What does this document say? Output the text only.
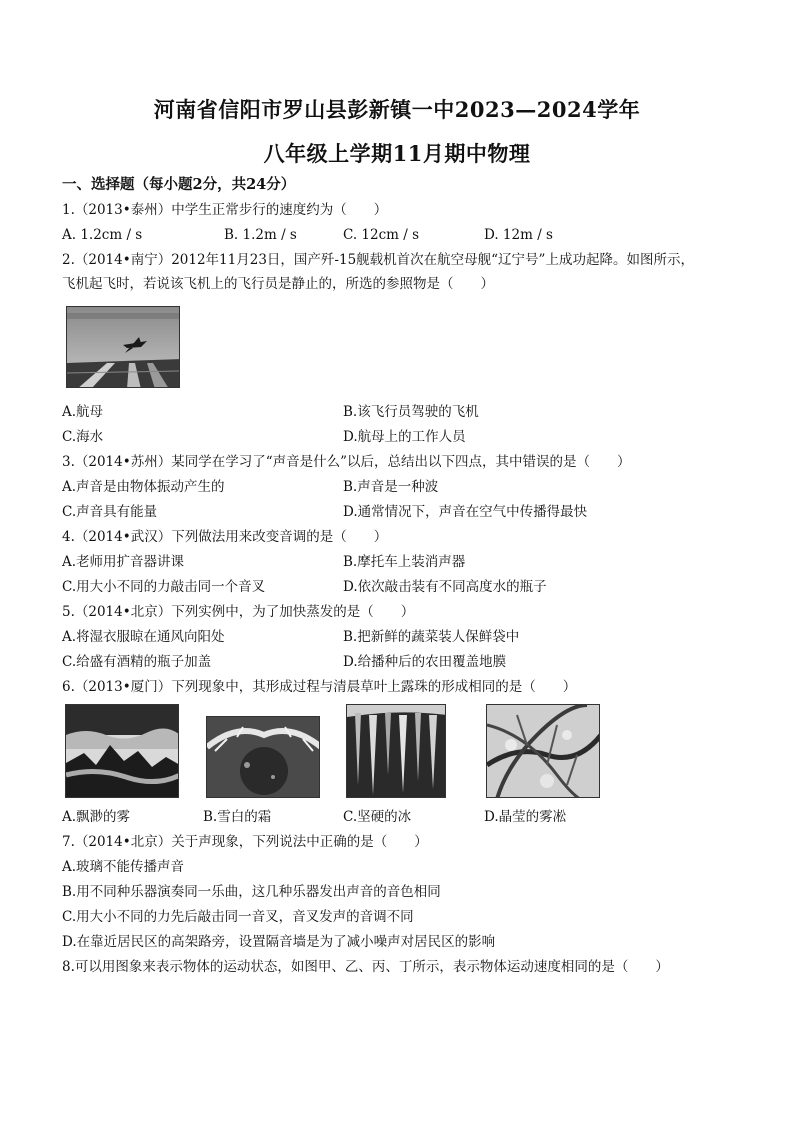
河南省信阳市罗山县彭新镇一中2023—2024学年
八年级上学期11月期中物理
一、选择题（每小题2分，共24分）
1.（2013•泰州）中学生正常步行的速度约为（　　）
A. 1.2cm / s	B. 1.2m / s	C. 12cm / s	D. 12m / s
2.（2014•南宁）2012年11月23日，国产歼-15舰载机首次在航空母舰“辽宁号”上成功起降。如图所示，
飞机起飞时，若说该飞机上的飞行员是静止的，所选的参照物是（　　）
A.航母	B.该飞行员驾驶的飞机
C.海水	D.航母上的工作人员
3.（2014•苏州）某同学在学习了“声音是什么”以后，总结出以下四点，其中错误的是（　　）
A.声音是由物体振动产生的	B.声音是一种波
C.声音具有能量	D.通常情况下，声音在空气中传播得最快
4.（2014•武汉）下列做法用来改变音调的是（　　）
A.老师用扩音器讲课	B.摩托车上装消声器
C.用大小不同的力敲击同一个音叉	D.依次敲击装有不同高度水的瓶子
5.（2014•北京）下列实例中，为了加快蒸发的是（　　）
A.将湿衣服晾在通风向阳处	B.把新鲜的蔬菜装人保鲜袋中
C.给盛有酒精的瓶子加盖	D.给播种后的农田覆盖地膜
6.（2013•厦门）下列现象中，其形成过程与清晨草叶上露珠的形成相同的是（　　）
A.飘渺的雾	B.雪白的霜	C.坚硬的冰	D.晶莹的雾凇
7.（2014•北京）关于声现象，下列说法中正确的是（　　）
A.玻璃不能传播声音
B.用不同种乐器演奏同一乐曲，这几种乐器发出声音的音色相同
C.用大小不同的力先后敲击同一音叉，音叉发声的音调不同
D.在靠近居民区的高架路旁，设置隔音墙是为了减小噪声对居民区的影响
8.可以用图象来表示物体的运动状态，如图甲、乙、丙、丁所示，表示物体运动速度相同的是（　　）
